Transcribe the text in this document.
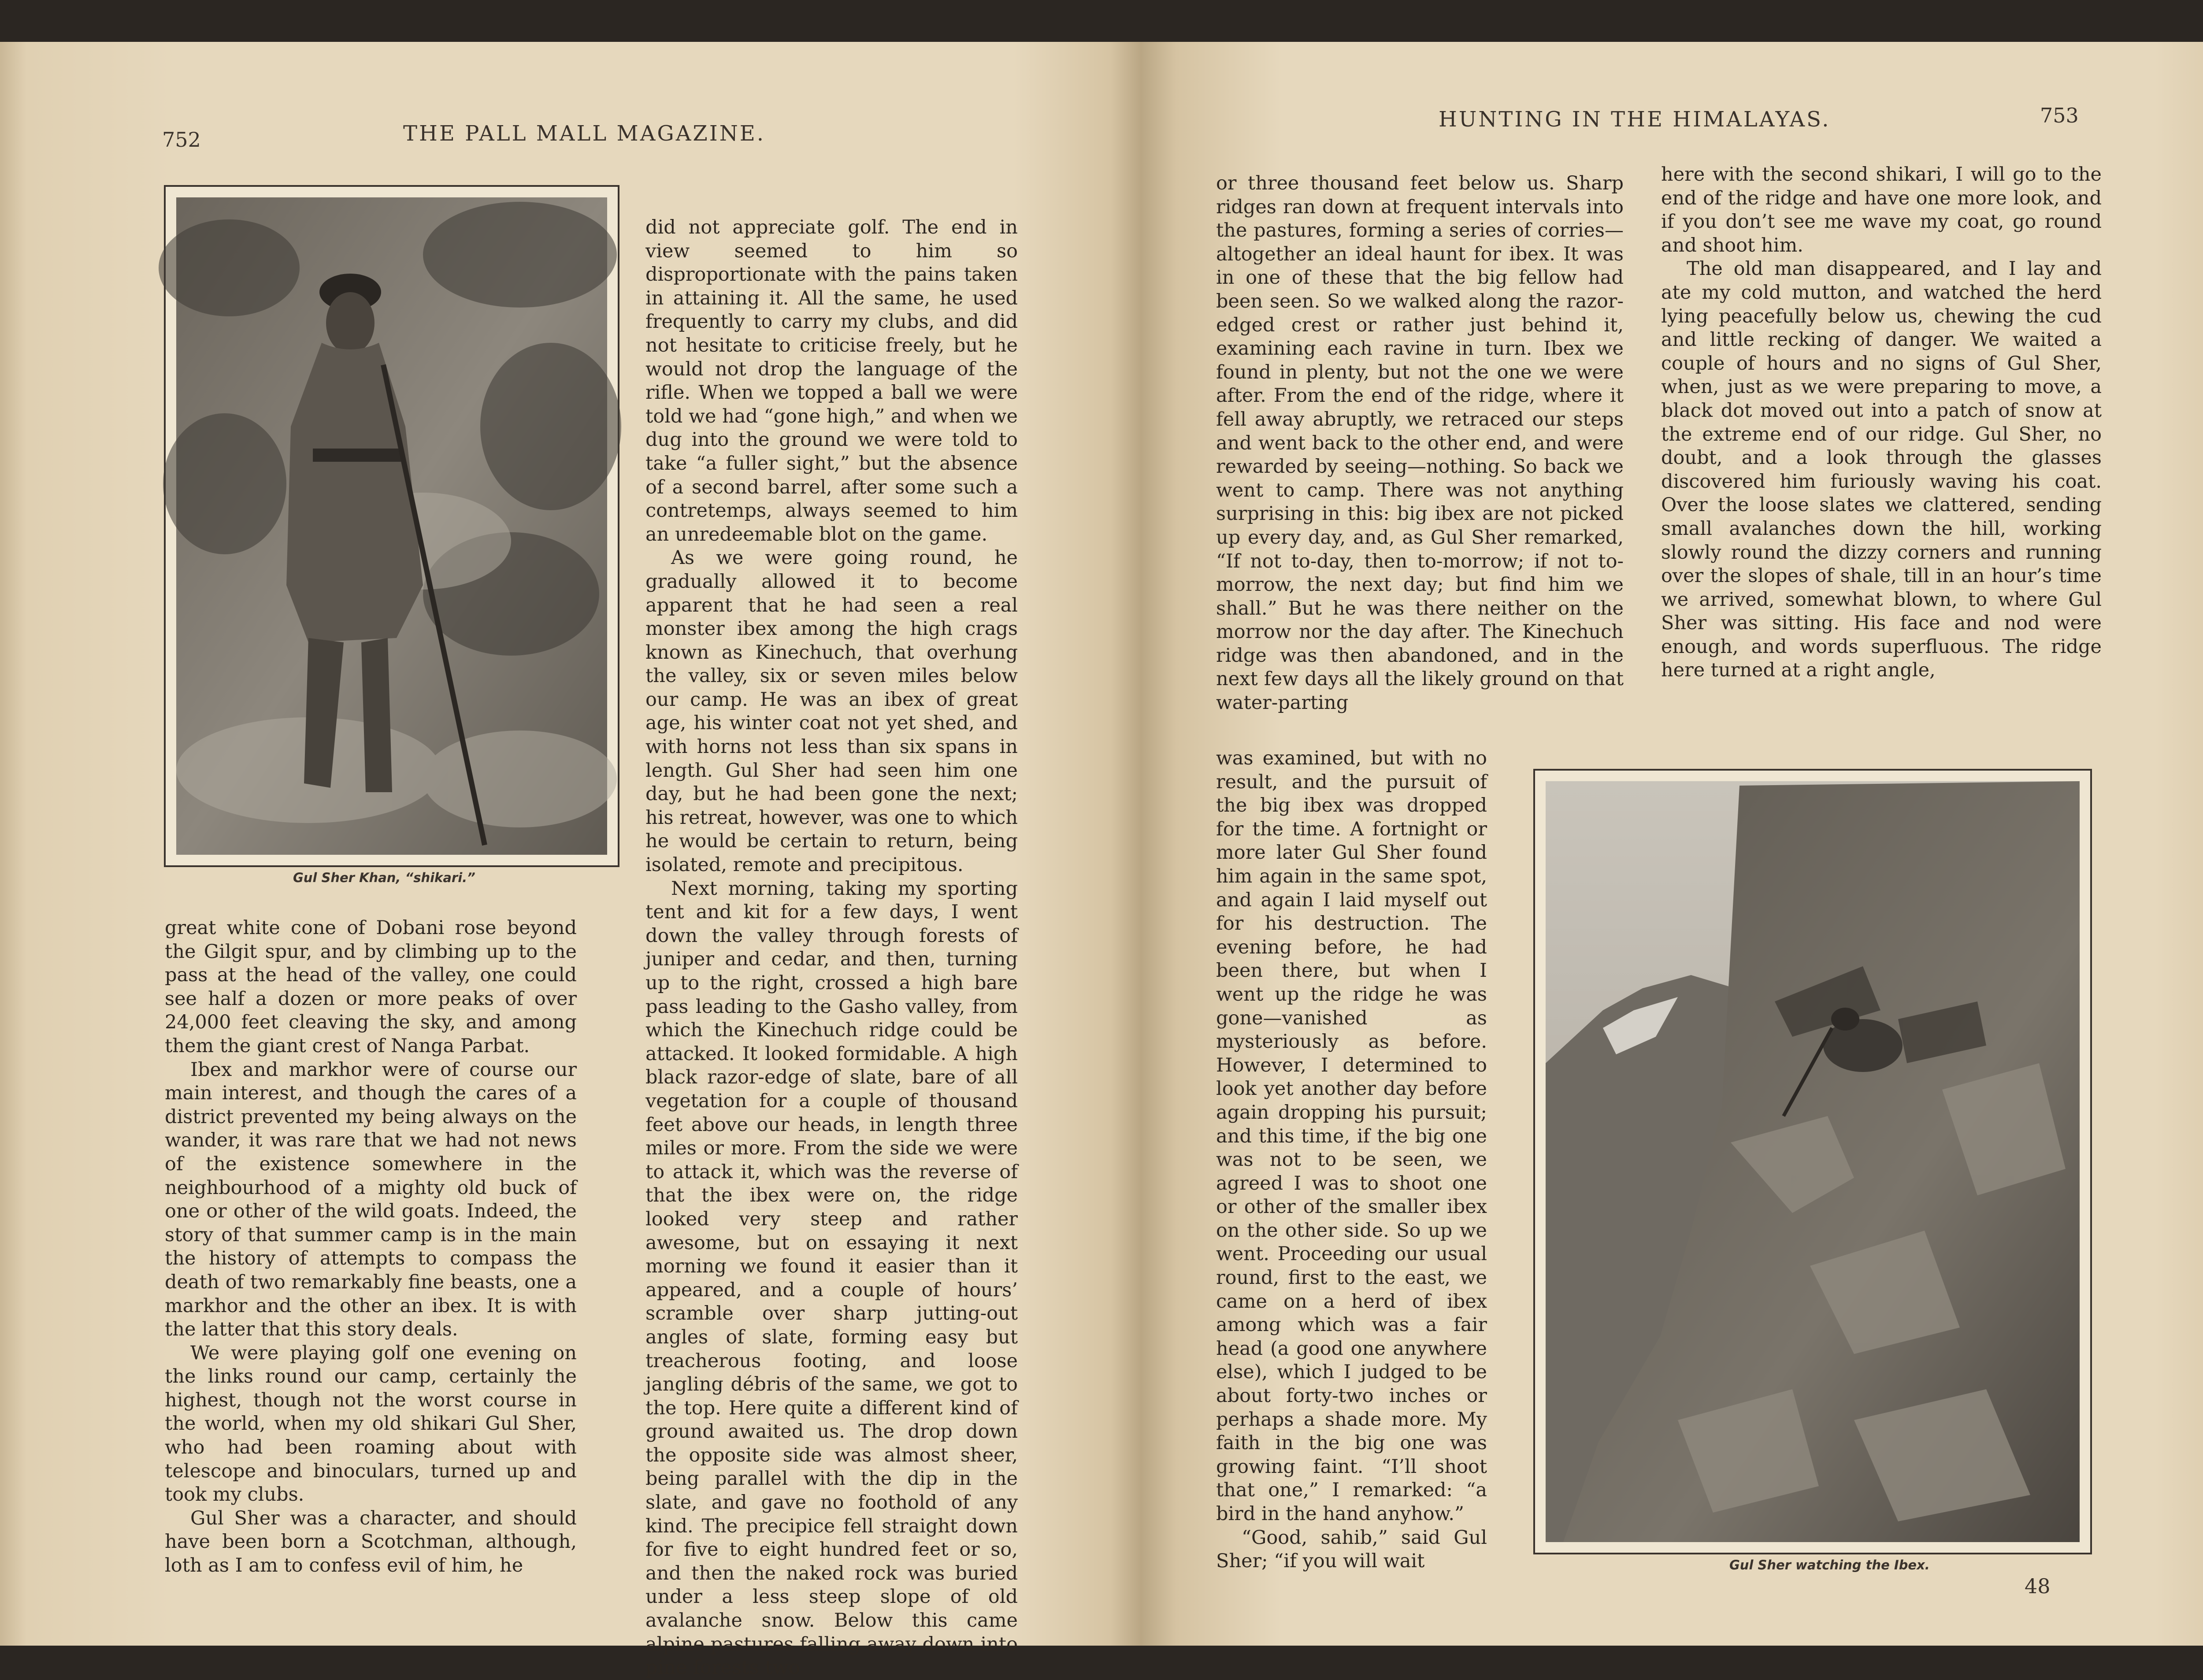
752	THE PALL MALL MAGAZINE.
Gul Sher Khan, “shikari.”

great white cone of Dobani rose beyond the Gilgit spur, and by climbing up to the pass at the head of the valley, one could see half a dozen or more peaks of over 24,000 feet cleaving the sky, and among them the giant crest of Nanga Parbat.

Ibex and markhor were of course our main interest, and though the cares of a district prevented my being always on the wander, it was rare that we had not news of the existence somewhere in the neighbourhood of a mighty old buck of one or other of the wild goats. Indeed, the story of that summer camp is in the main the history of attempts to compass the death of two remarkably fine beasts, one a markhor and the other an ibex. It is with the latter that this story deals.

We were playing golf one evening on the links round our camp, certainly the highest, though not the worst course in the world, when my old shikari Gul Sher, who had been roaming about with telescope and binoculars, turned up and took my clubs.

Gul Sher was a character, and should have been born a Scotchman, although, loth as I am to confess evil of him, he

did not appreciate golf. The end in view seemed to him so disproportionate with the pains taken in attaining it. All the same, he used frequently to carry my clubs, and did not hesitate to criticise freely, but he would not drop the language of the rifle. When we topped a ball we were told we had “gone high,” and when we dug into the ground we were told to take “a fuller sight,” but the absence of a second barrel, after some such a contretemps, always seemed to him an unredeemable blot on the game.

As we were going round, he gradually allowed it to become apparent that he had seen a real monster ibex among the high crags known as Kinechuch, that overhung the valley, six or seven miles below our camp. He was an ibex of great age, his winter coat not yet shed, and with horns not less than six spans in length. Gul Sher had seen him one day, but he had been gone the next; his retreat, however, was one to which he would be certain to return, being isolated, remote and precipitous.

Next morning, taking my sporting tent and kit for a few days, I went down the valley through forests of juniper and cedar, and then, turning up to the right, crossed a high bare pass leading to the Gasho valley, from which the Kinechuch ridge could be attacked. It looked formidable. A high black razor-edge of slate, bare of all vegetation for a couple of thousand feet above our heads, in length three miles or more. From the side we were to attack it, which was the reverse of that the ibex were on, the ridge looked very steep and rather awesome, but on essaying it next morning we found it easier than it appeared, and a couple of hours’ scramble over sharp jutting-out angles of slate, forming easy but treacherous footing, and loose jangling débris of the same, we got to the top. Here quite a different kind of ground awaited us. The drop down the opposite side was almost sheer, being parallel with the dip in the slate, and gave no foothold of any kind. The precipice fell straight down for five to eight hundred feet or so, and then the naked rock was buried under a less steep slope of old avalanche snow. Below this came alpine pastures falling away down into pine forests two

HUNTING IN THE HIMALAYAS.	753

or three thousand feet below us. Sharp ridges ran down at frequent intervals into the pastures, forming a series of corries—altogether an ideal haunt for ibex. It was in one of these that the big fellow had been seen. So we walked along the razor-edged crest or rather just behind it, examining each ravine in turn. Ibex we found in plenty, but not the one we were after. From the end of the ridge, where it fell away abruptly, we retraced our steps and went back to the other end, and were rewarded by seeing—nothing. So back we went to camp. There was not anything surprising in this: big ibex are not picked up every day, and, as Gul Sher remarked, “If not to-day, then to-morrow; if not to-morrow, the next day; but find him we shall.” But he was there neither on the morrow nor the day after. The Kinechuch ridge was then abandoned, and in the next few days all the likely ground on that water-parting

was examined, but with no result, and the pursuit of the big ibex was dropped for the time. A fortnight or more later Gul Sher found him again in the same spot, and again I laid myself out for his destruction. The evening before, he had been there, but when I went up the ridge he was gone—vanished as mysteriously as before. However, I determined to look yet another day before again dropping his pursuit; and this time, if the big one was not to be seen, we agreed I was to shoot one or other of the smaller ibex on the other side. So up we went. Proceeding our usual round, first to the east, we came on a herd of ibex among which was a fair head (a good one anywhere else), which I judged to be about forty-two inches or perhaps a shade more. My faith in the big one was growing faint. “I’ll shoot that one,” I remarked: “a bird in the hand anyhow.”

“Good, sahib,” said Gul Sher; “if you will wait

here with the second shikari, I will go to the end of the ridge and have one more look, and if you don’t see me wave my coat, go round and shoot him.

The old man disappeared, and I lay and ate my cold mutton, and watched the herd lying peacefully below us, chewing the cud and little recking of danger. We waited a couple of hours and no signs of Gul Sher, when, just as we were preparing to move, a black dot moved out into a patch of snow at the extreme end of our ridge. Gul Sher, no doubt, and a look through the glasses discovered him furiously waving his coat. Over the loose slates we clattered, sending small avalanches down the hill, working slowly round the dizzy corners and running over the slopes of shale, till in an hour’s time we arrived, somewhat blown, to where Gul Sher was sitting. His face and nod were enough, and words superfluous. The ridge here turned at a right angle,

Gul Sher watching the Ibex.
48
